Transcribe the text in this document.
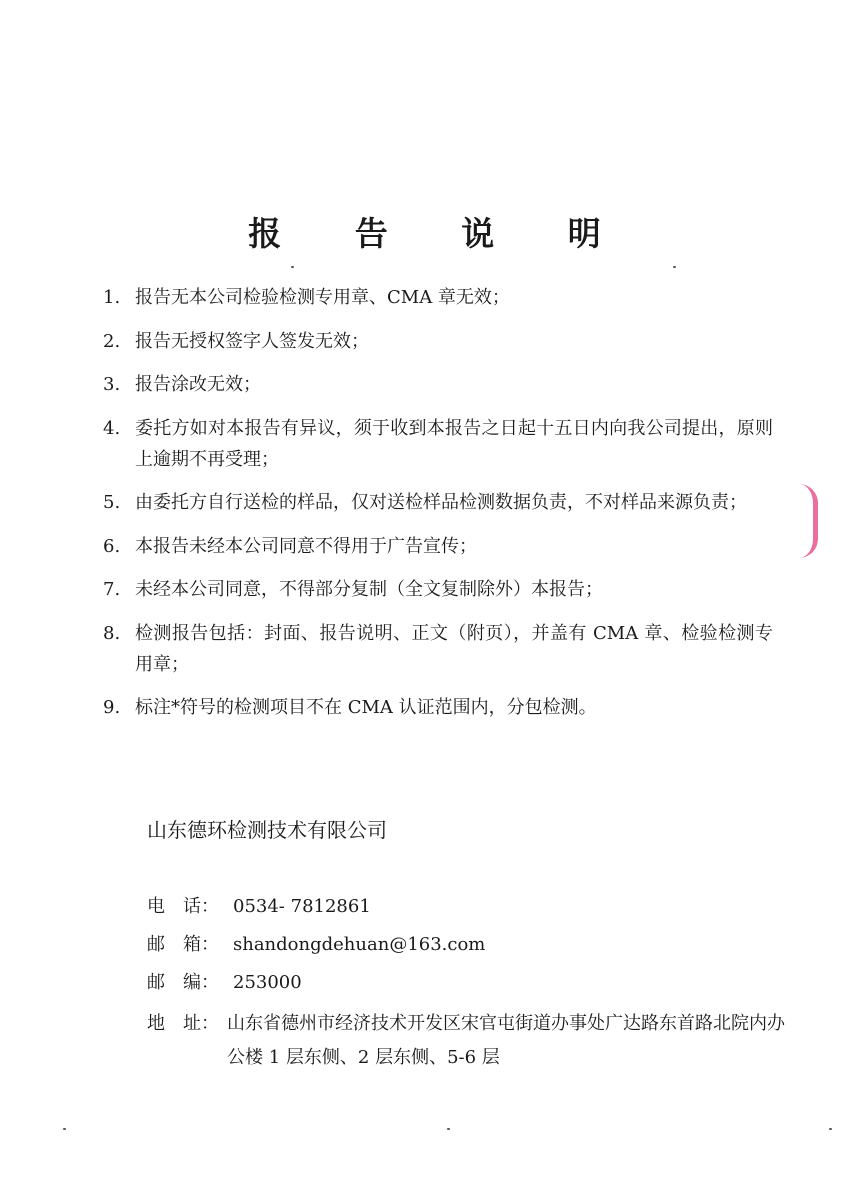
报 告 说 明
1. 报告无本公司检验检测专用章、CMA 章无效；
2. 报告无授权签字人签发无效；
3. 报告涂改无效；
4. 委托方如对本报告有异议，须于收到本报告之日起十五日内向我公司提出，原则上逾期不再受理；
5. 由委托方自行送检的样品，仅对送检样品检测数据负责，不对样品来源负责；
6. 本报告未经本公司同意不得用于广告宣传；
7. 未经本公司同意，不得部分复制（全文复制除外）本报告；
8. 检测报告包括：封面、报告说明、正文（附页），并盖有 CMA 章、检验检测专用章；
9. 标注*符号的检测项目不在 CMA 认证范围内，分包检测。
山东德环检测技术有限公司
电　话： 0534- 7812861
邮　箱： shandongdehuan@163.com
邮　编： 253000
地　址： 山东省德州市经济技术开发区宋官屯街道办事处广达路东首路北院内办公楼 1 层东侧、2 层东侧、5-6 层
